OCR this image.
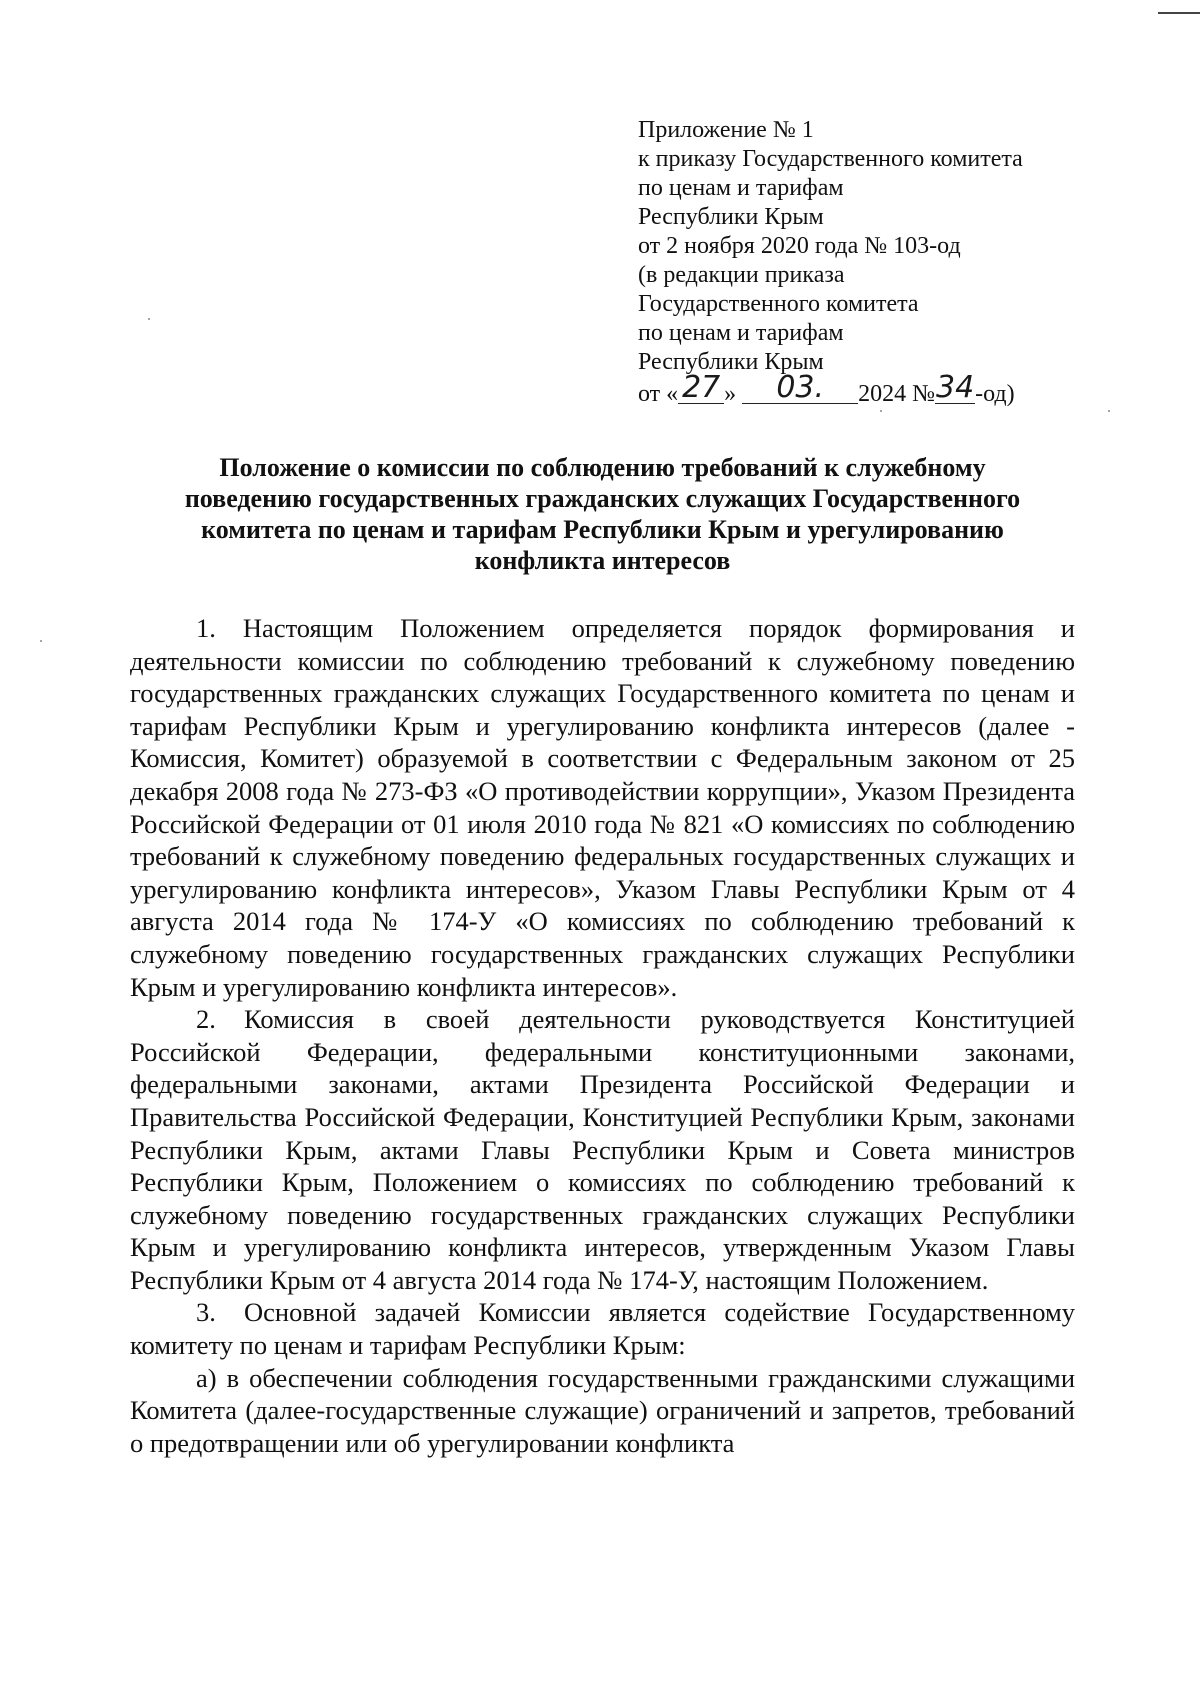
Приложение № 1
к приказу Государственного комитета
по ценам и тарифам
Республики Крым
от 2 ноября 2020 года № 103-од
(в редакции приказа
Государственного комитета
по ценам и тарифам
Республики Крым
от « 27 » 03. 2024 №34-од)
Положение о комиссии по соблюдению требований к служебному
поведению государственных гражданских служащих Государственного
комитета по ценам и тарифам Республики Крым и урегулированию
конфликта интересов

1. Настоящим Положением определяется порядок формирования и деятельности комиссии по соблюдению требований к служебному поведению государственных гражданских служащих Государственного комитета по ценам и тарифам Республики Крым и урегулированию конфликта интересов (далее - Комиссия, Комитет) образуемой в соответствии с Федеральным законом от 25 декабря 2008 года № 273-ФЗ «О противодействии коррупции», Указом Президента Российской Федерации от 01 июля 2010 года № 821 «О комиссиях по соблюдению требований к служебному поведению федеральных государственных служащих и урегулированию конфликта интересов», Указом Главы Республики Крым от 4 августа 2014 года № 174-У «О комиссиях по соблюдению требований к служебному поведению государственных гражданских служащих Республики Крым и урегулированию конфликта интересов».

2. Комиссия в своей деятельности руководствуется Конституцией Российской Федерации, федеральными конституционными законами, федеральными законами, актами Президента Российской Федерации и Правительства Российской Федерации, Конституцией Республики Крым, законами Республики Крым, актами Главы Республики Крым и Совета министров Республики Крым, Положением о комиссиях по соблюдению требований к служебному поведению государственных гражданских служащих Республики Крым и урегулированию конфликта интересов, утвержденным Указом Главы Республики Крым от 4 августа 2014 года № 174-У, настоящим Положением.

3. Основной задачей Комиссии является содействие Государственному комитету по ценам и тарифам Республики Крым:

а) в обеспечении соблюдения государственными гражданскими служащими Комитета (далее-государственные служащие) ограничений и запретов, требований о предотвращении или об урегулировании конфликта
